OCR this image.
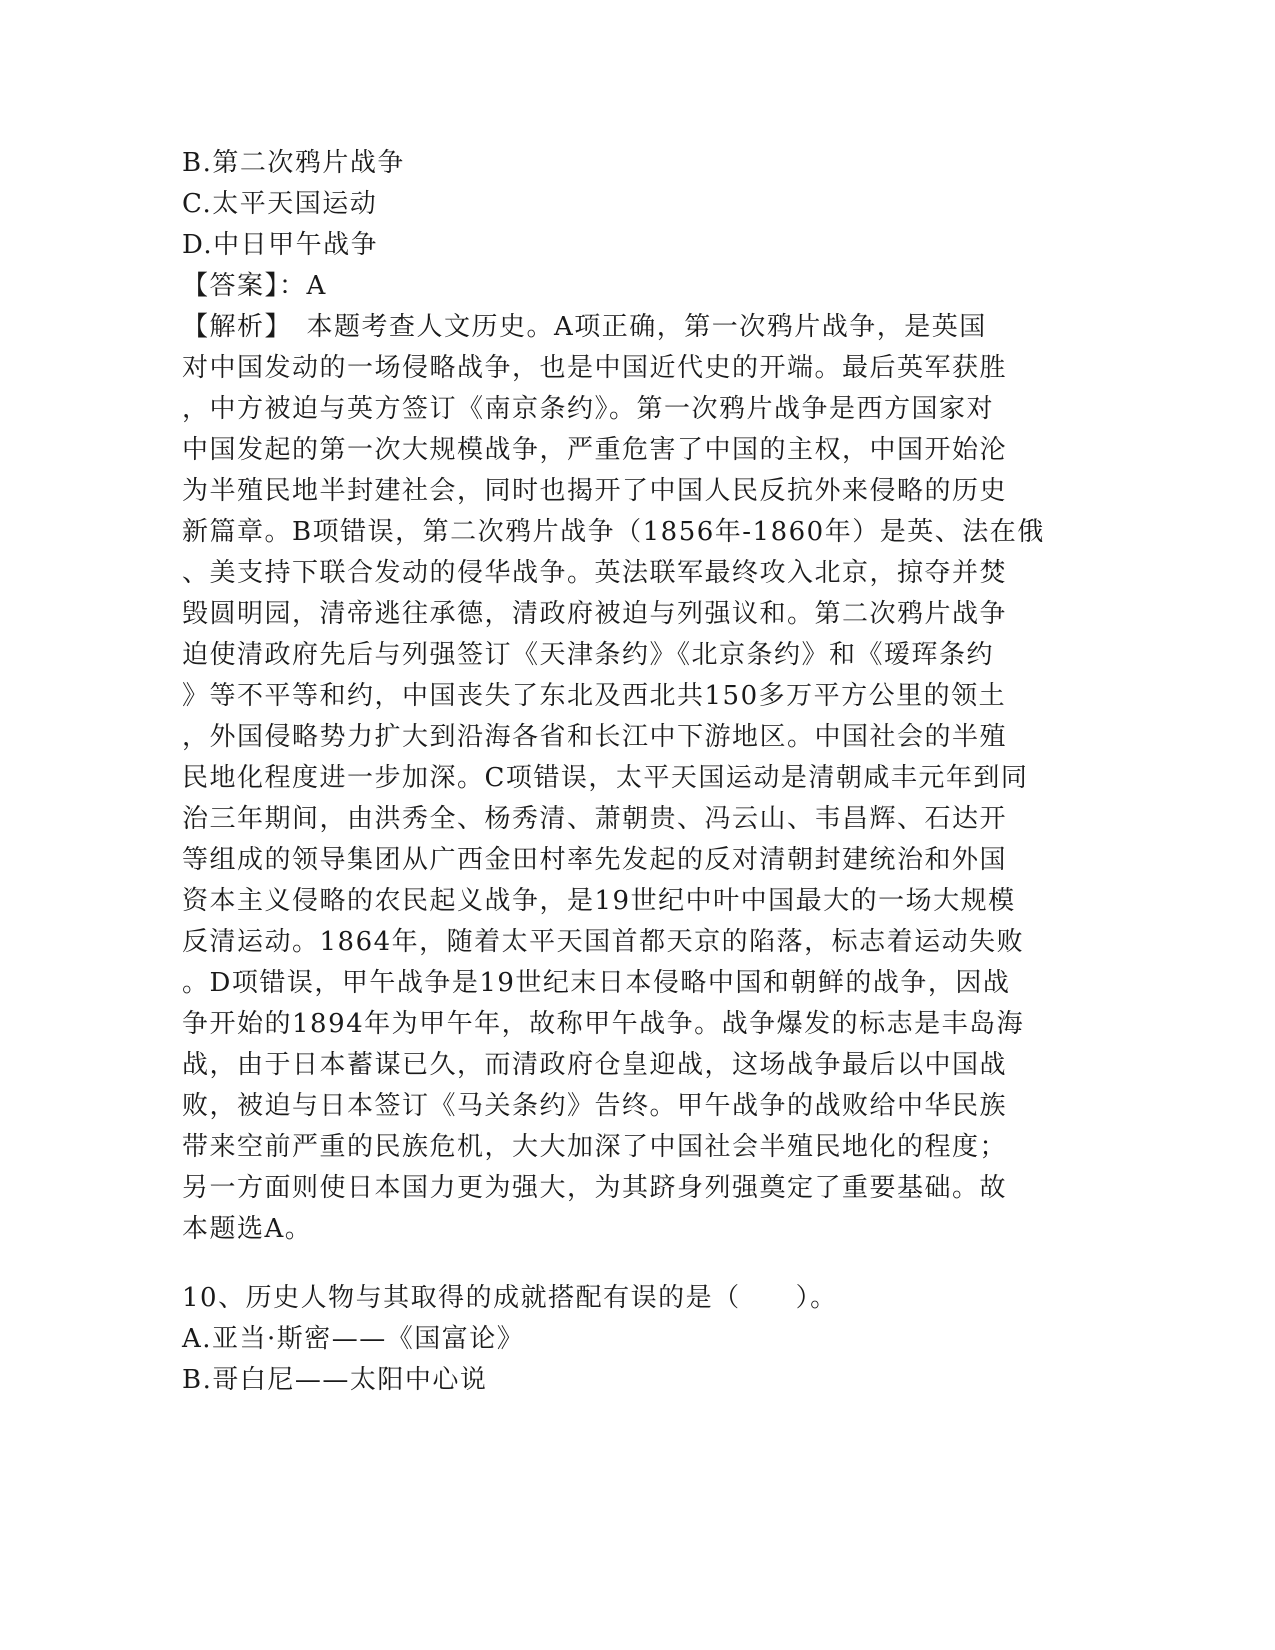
B.第二次鸦片战争
C.太平天国运动
D.中日甲午战争
【答案】：A
【解析】　本题考查人文历史。A项正确，第一次鸦片战争，是英国
对中国发动的一场侵略战争，也是中国近代史的开端。最后英军获胜
，中方被迫与英方签订《南京条约》。第一次鸦片战争是西方国家对
中国发起的第一次大规模战争，严重危害了中国的主权，中国开始沦
为半殖民地半封建社会，同时也揭开了中国人民反抗外来侵略的历史
新篇章。B项错误，第二次鸦片战争（1856年-1860年）是英、法在俄
、美支持下联合发动的侵华战争。英法联军最终攻入北京，掠夺并焚
毁圆明园，清帝逃往承德，清政府被迫与列强议和。第二次鸦片战争
迫使清政府先后与列强签订《天津条约》《北京条约》和《瑷珲条约
》等不平等和约，中国丧失了东北及西北共150多万平方公里的领土
，外国侵略势力扩大到沿海各省和长江中下游地区。中国社会的半殖
民地化程度进一步加深。C项错误，太平天国运动是清朝咸丰元年到同
治三年期间，由洪秀全、杨秀清、萧朝贵、冯云山、韦昌辉、石达开
等组成的领导集团从广西金田村率先发起的反对清朝封建统治和外国
资本主义侵略的农民起义战争，是19世纪中叶中国最大的一场大规模
反清运动。1864年，随着太平天国首都天京的陷落，标志着运动失败
。D项错误，甲午战争是19世纪末日本侵略中国和朝鲜的战争，因战
争开始的1894年为甲午年，故称甲午战争。战争爆发的标志是丰岛海
战，由于日本蓄谋已久，而清政府仓皇迎战，这场战争最后以中国战
败，被迫与日本签订《马关条约》告终。甲午战争的战败给中华民族
带来空前严重的民族危机，大大加深了中国社会半殖民地化的程度；
另一方面则使日本国力更为强大，为其跻身列强奠定了重要基础。故
本题选A。
10、历史人物与其取得的成就搭配有误的是（　　）。
A.亚当·斯密——《国富论》
B.哥白尼——太阳中心说
